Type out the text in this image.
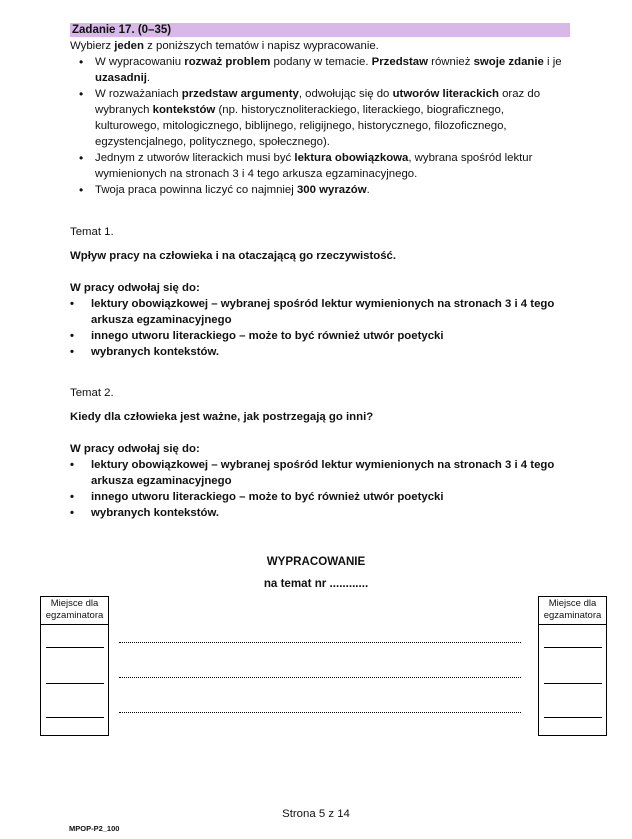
Zadanie 17. (0–35)
Wybierz jeden z poniższych tematów i napisz wypracowanie.
• W wypracowaniu rozważ problem podany w temacie. Przedstaw również swoje zdanie i je uzasadnij.
• W rozważaniach przedstaw argumenty, odwołując się do utworów literackich oraz do wybranych kontekstów (np. historycznoliterackiego, literackiego, biograficznego, kulturowego, mitologicznego, biblijnego, religijnego, historycznego, filozoficznego, egzystencjalnego, politycznego, społecznego).
• Jednym z utworów literackich musi być lektura obowiązkowa, wybrana spośród lektur wymienionych na stronach 3 i 4 tego arkusza egzaminacyjnego.
• Twoja praca powinna liczyć co najmniej 300 wyrazów.
Temat 1.
Wpływ pracy na człowieka i na otaczającą go rzeczywistość.
W pracy odwołaj się do:
• lektury obowiązkowej – wybranej spośród lektur wymienionych na stronach 3 i 4 tego arkusza egzaminacyjnego
• innego utworu literackiego – może to być również utwór poetycki
• wybranych kontekstów.
Temat 2.
Kiedy dla człowieka jest ważne, jak postrzegają go inni?
W pracy odwołaj się do:
• lektury obowiązkowej – wybranej spośród lektur wymienionych na stronach 3 i 4 tego arkusza egzaminacyjnego
• innego utworu literackiego – może to być również utwór poetycki
• wybranych kontekstów.
WYPRACOWANIE
na temat nr ............
Miejsce dla egzaminatora
Miejsce dla egzaminatora
Strona 5 z 14
MPOP-P2_100
